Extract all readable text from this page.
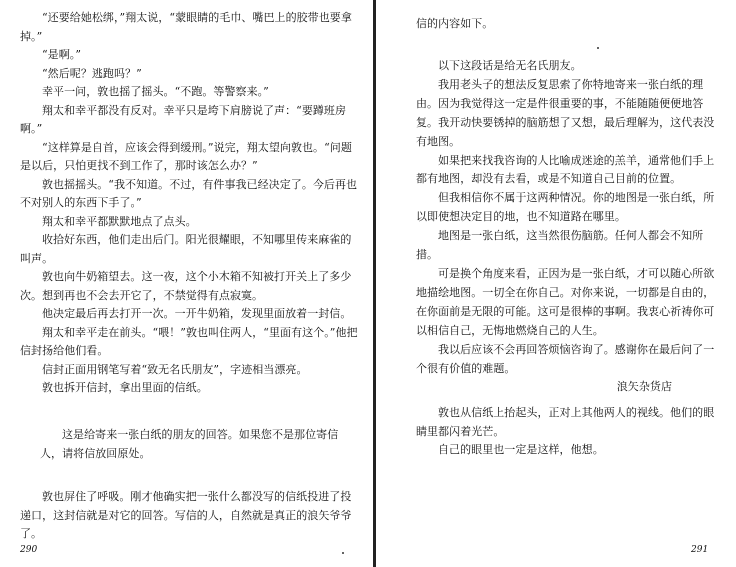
“还要给她松绑，”翔太说，“蒙眼睛的毛巾、嘴巴上的胶带也要拿掉。”

“是啊。”

“然后呢？逃跑吗？”

幸平一问，敦也摇了摇头。“不跑。等警察来。”

翔太和幸平都没有反对。幸平只是垮下肩膀说了声：“要蹲班房啊。”

“这样算是自首，应该会得到缓刑。”说完，翔太望向敦也。“问题是以后，只怕更找不到工作了，那时该怎么办？”

敦也摇摇头。“我不知道。不过，有件事我已经决定了。今后再也不对别人的东西下手了。”

翔太和幸平都默默地点了点头。

收拾好东西，他们走出后门。阳光很耀眼，不知哪里传来麻雀的叫声。

敦也向牛奶箱望去。这一夜，这个小木箱不知被打开关上了多少次。想到再也不会去开它了，不禁觉得有点寂寞。

他决定最后再去打开一次。一开牛奶箱，发现里面放着一封信。

翔太和幸平走在前头。“喂！”敦也叫住两人，“里面有这个。”他把信封扬给他们看。

信封正面用钢笔写着“致无名氏朋友”，字迹相当漂亮。

敦也拆开信封，拿出里面的信纸。

这是给寄来一张白纸的朋友的回答。如果您不是那位寄信人，请将信放回原处。

敦也屏住了呼吸。刚才他确实把一张什么都没写的信纸投进了投递口，这封信就是对它的回答。写信的人，自然就是真正的浪矢爷爷了。

290

信的内容如下。

以下这段话是给无名氏朋友。

我用老头子的想法反复思索了你特地寄来一张白纸的理由。因为我觉得这一定是件很重要的事，不能随随便便地答复。我开动快要锈掉的脑筋想了又想，最后理解为，这代表没有地图。

如果把来找我咨询的人比喻成迷途的羔羊，通常他们手上都有地图，却没有去看，或是不知道自己目前的位置。

但我相信你不属于这两种情况。你的地图是一张白纸，所以即使想决定目的地，也不知道路在哪里。

地图是一张白纸，这当然很伤脑筋。任何人都会不知所措。

可是换个角度来看，正因为是一张白纸，才可以随心所欲地描绘地图。一切全在你自己。对你来说，一切都是自由的，在你面前是无限的可能。这可是很棒的事啊。我衷心祈祷你可以相信自己，无悔地燃烧自己的人生。

我以后应该不会再回答烦恼咨询了。感谢你在最后问了一个很有价值的难题。

浪矢杂货店

敦也从信纸上抬起头，正对上其他两人的视线。他们的眼睛里都闪着光芒。

自己的眼里也一定是这样，他想。

291
